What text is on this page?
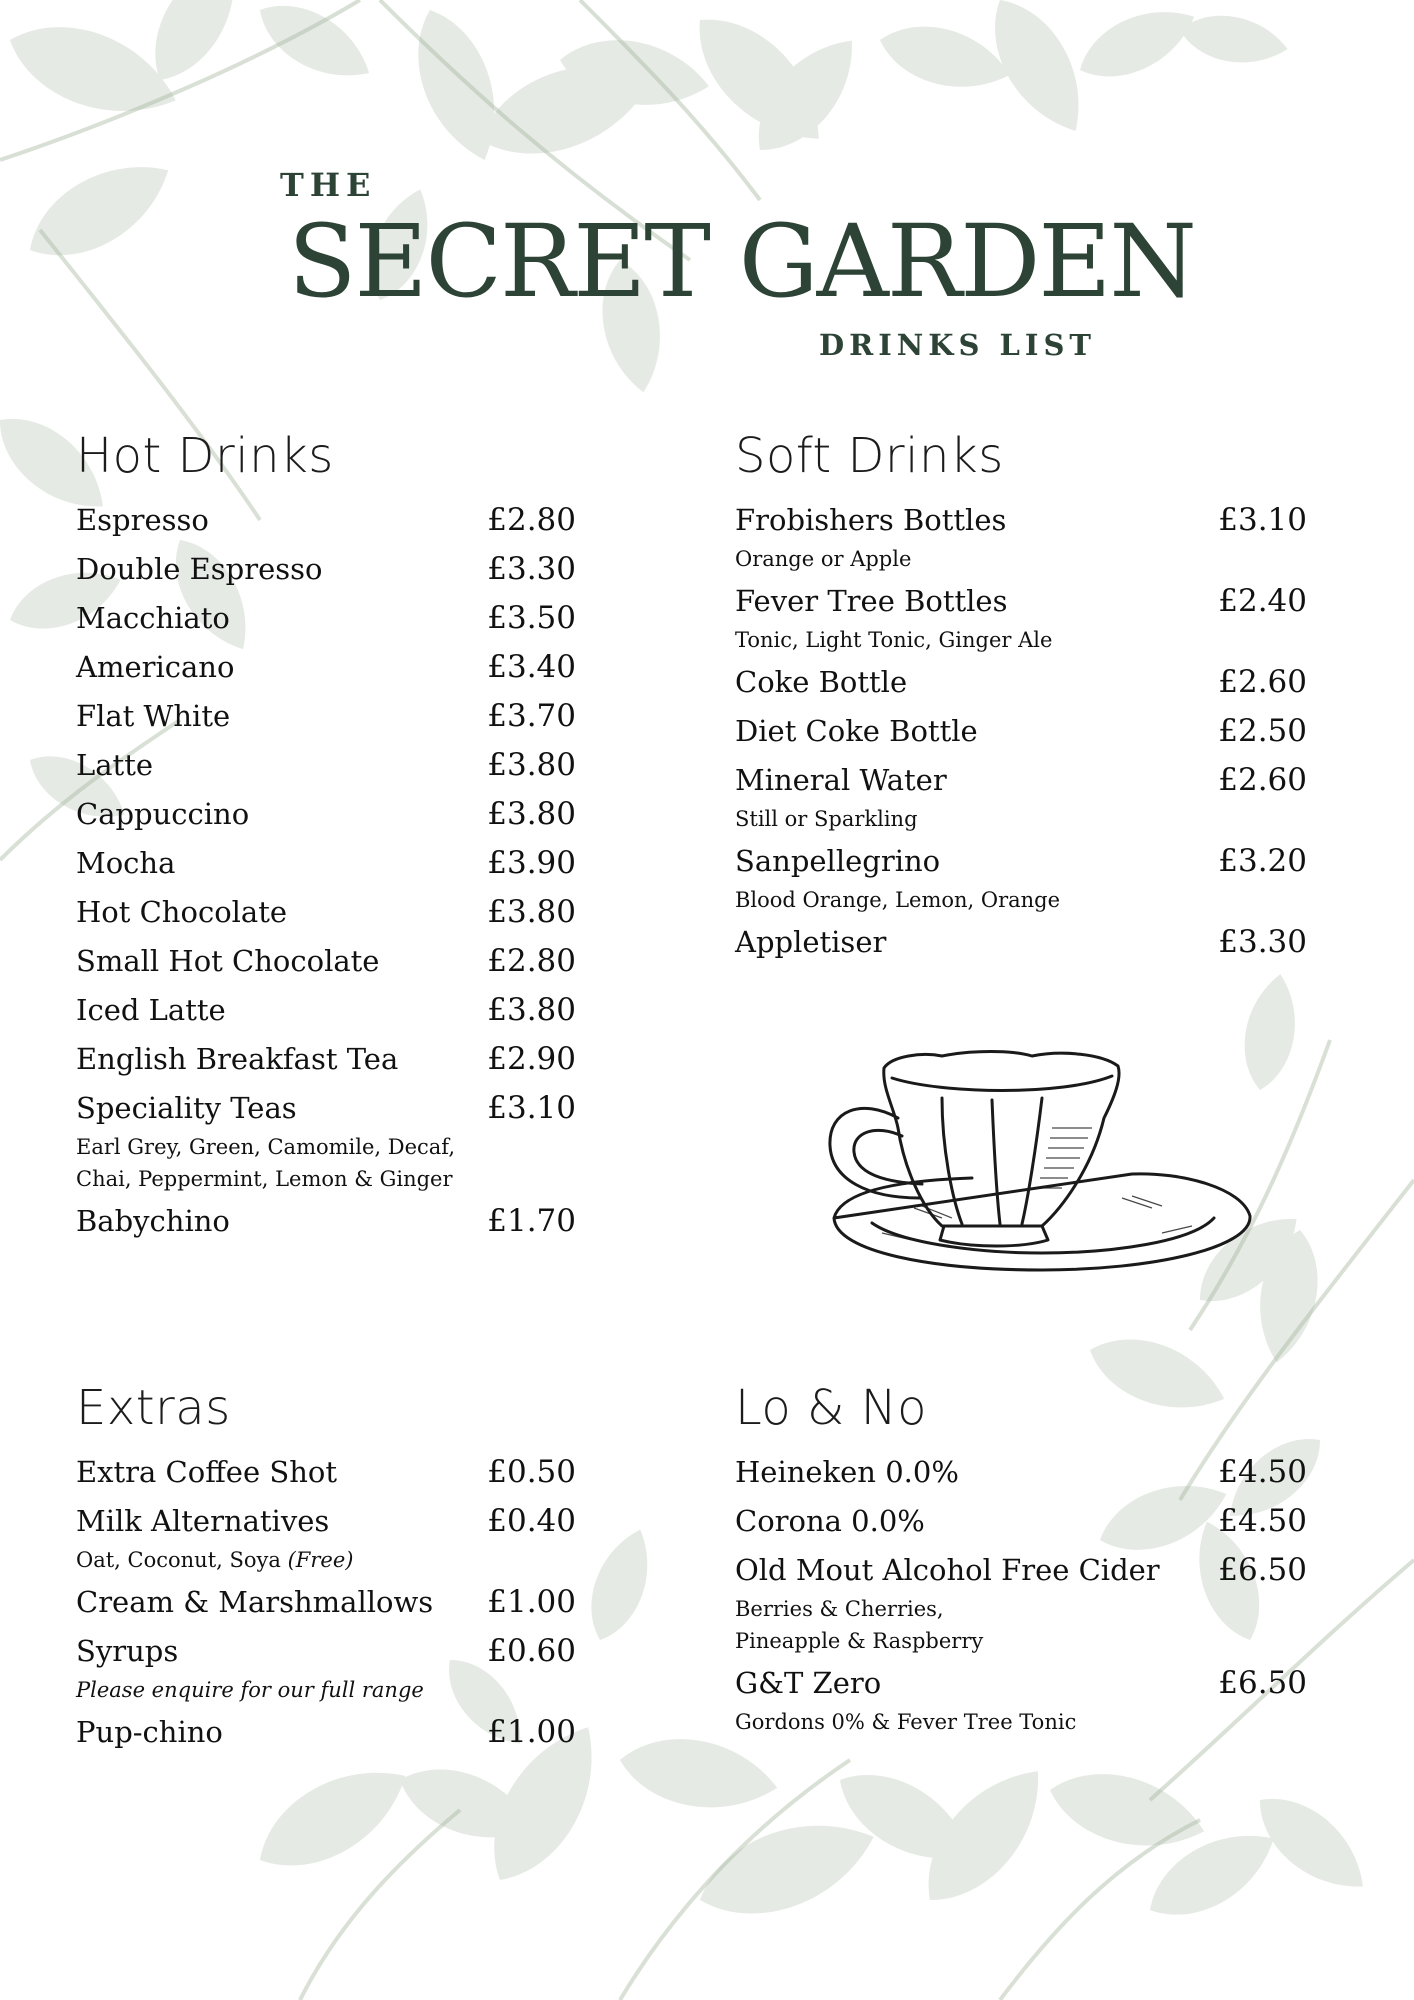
THE
SECRET GARDEN
DRINKS LIST
Hot Drinks
Espresso	£2.80
Double Espresso	£3.30
Macchiato	£3.50
Americano	£3.40
Flat White	£3.70
Latte	£3.80
Cappuccino	£3.80
Mocha	£3.90
Hot Chocolate	£3.80
Small Hot Chocolate	£2.80
Iced Latte	£3.80
English Breakfast Tea	£2.90
Speciality Teas	£3.10
Earl Grey, Green, Camomile, Decaf,
Chai, Peppermint, Lemon & Ginger
Babychino	£1.70
Soft Drinks
Frobishers Bottles	£3.10
Orange or Apple
Fever Tree Bottles	£2.40
Tonic, Light Tonic, Ginger Ale
Coke Bottle	£2.60
Diet Coke Bottle	£2.50
Mineral Water	£2.60
Still or Sparkling
Sanpellegrino	£3.20
Blood Orange, Lemon, Orange
Appletiser	£3.30
Extras
Extra Coffee Shot	£0.50
Milk Alternatives	£0.40
Oat, Coconut, Soya (Free)
Cream & Marshmallows £1.00
Syrups	£0.60
Please enquire for our full range
Pup-chino	£1.00
Lo & No
Heineken 0.0%	£4.50
Corona 0.0%	£4.50
Old Mout Alcohol Free Cider £6.50
Berries & Cherries,
Pineapple & Raspberry
G&T Zero	£6.50
Gordons 0% & Fever Tree Tonic
